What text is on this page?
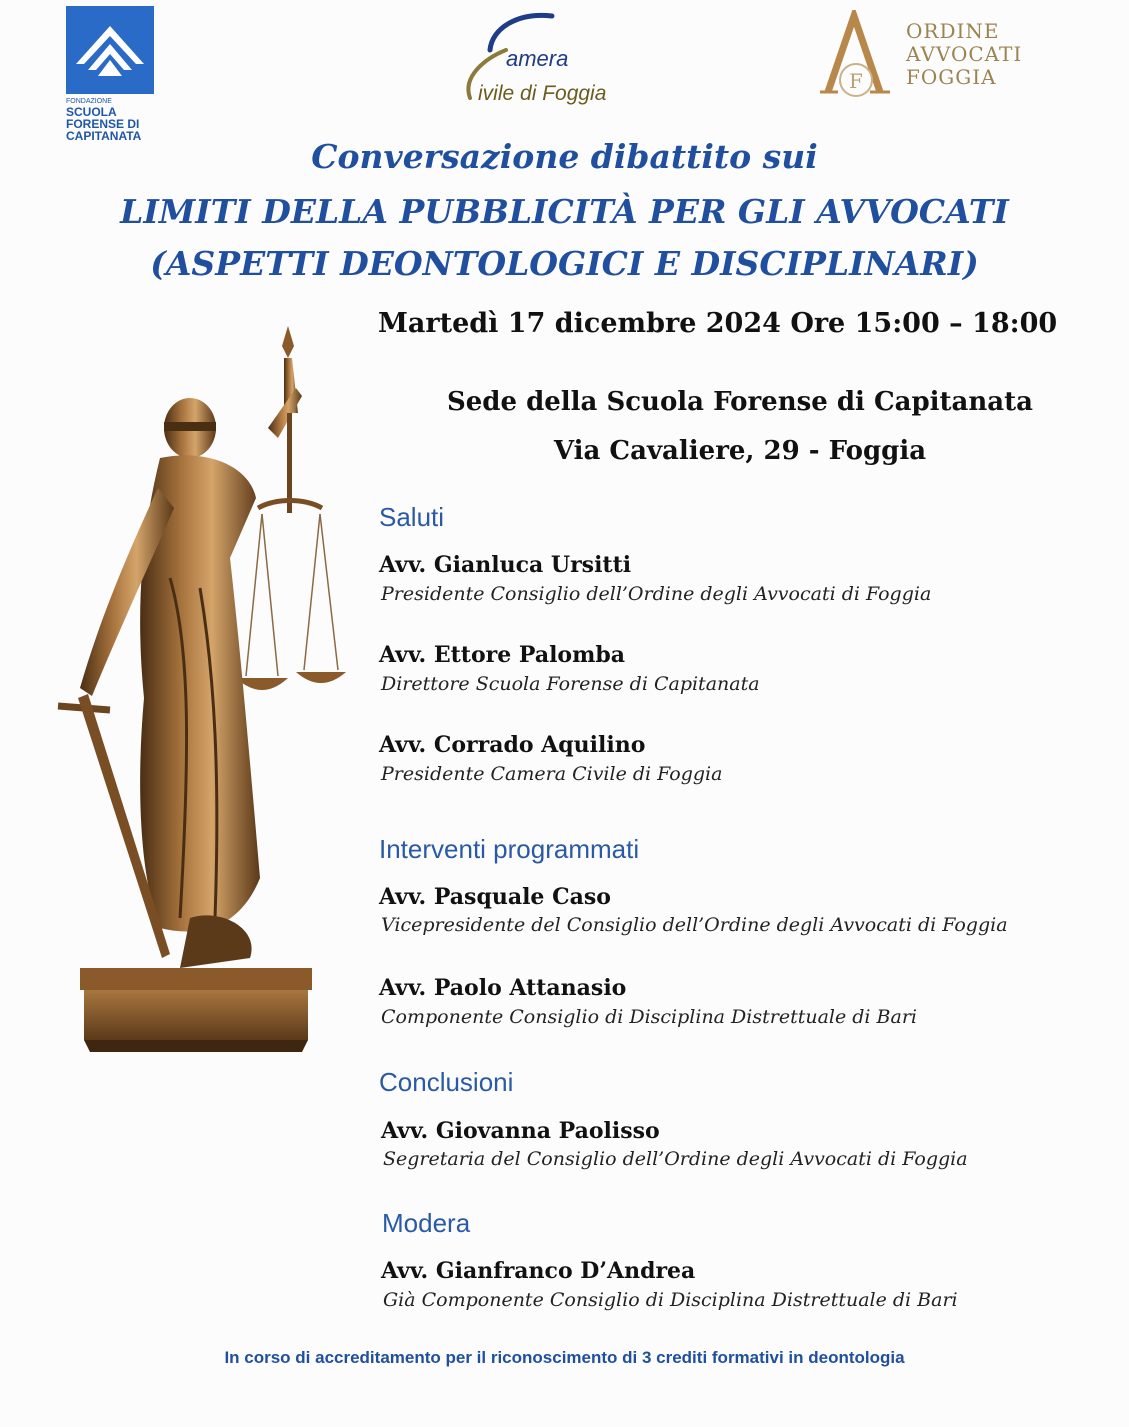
FONDAZIONE
SCUOLA
FORENSE DI
CAPITANATA
amera
ivile di Foggia
F
ORDINE
AVVOCATI
FOGGIA
Conversazione dibattito sui
LIMITI DELLA PUBBLICITÀ PER GLI AVVOCATI
(ASPETTI DEONTOLOGICI E DISCIPLINARI)
Martedì 17 dicembre 2024 Ore 15:00 – 18:00
Sede della Scuola Forense di Capitanata
Via Cavaliere, 29 - Foggia
Saluti
Avv. Gianluca Ursitti
Presidente Consiglio dell’Ordine degli Avvocati di Foggia
Avv. Ettore Palomba
Direttore Scuola Forense di Capitanata
Avv. Corrado Aquilino
Presidente Camera Civile di Foggia
Interventi programmati
Avv. Pasquale Caso
Vicepresidente del Consiglio dell’Ordine degli Avvocati di Foggia
Avv. Paolo Attanasio
Componente Consiglio di Disciplina Distrettuale di Bari
Conclusioni
Avv. Giovanna Paolisso
Segretaria del Consiglio dell’Ordine degli Avvocati di Foggia
Modera
Avv. Gianfranco D’Andrea
Già Componente Consiglio di Disciplina Distrettuale di Bari
In corso di accreditamento per il riconoscimento di 3 crediti formativi in deontologia
